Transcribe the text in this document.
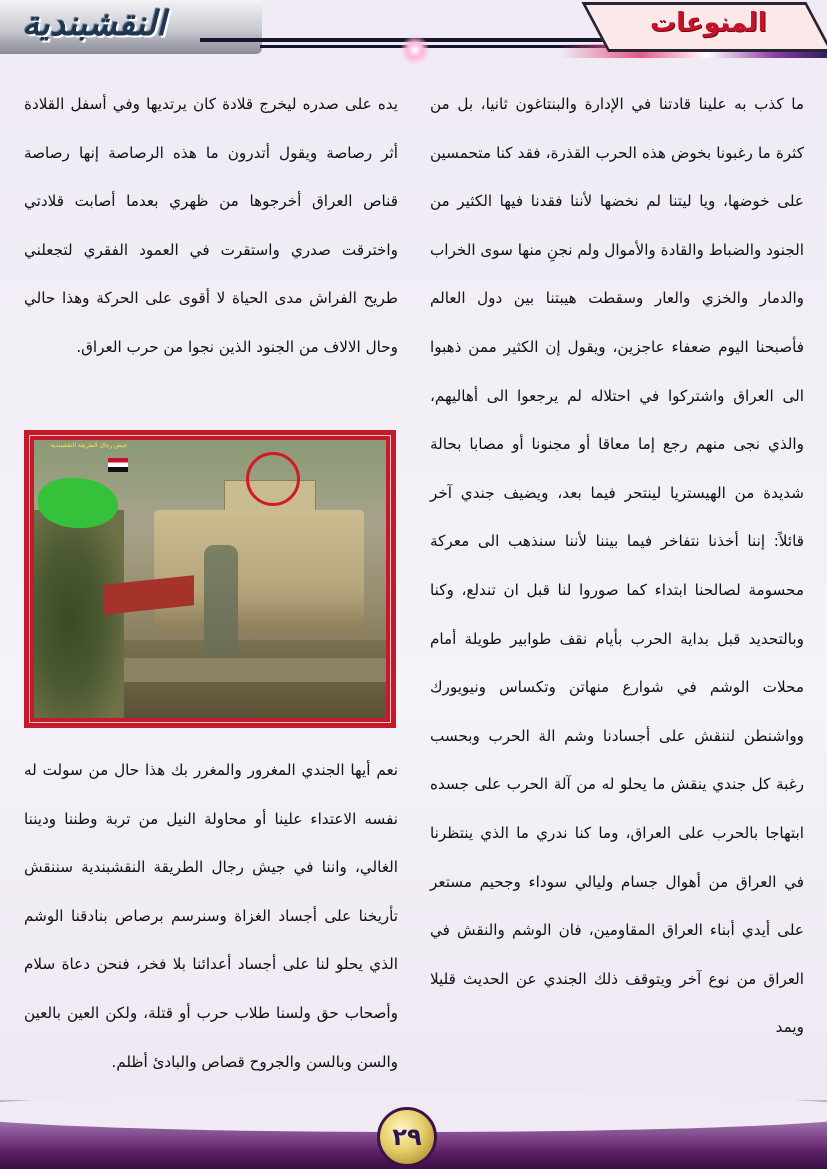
النقشبندية	المنوعات

ما كذب به علينا قادتنا في الإدارة والبنتاغون ثانيا، بل من كثرة ما رغبونا بخوض هذه الحرب القذرة، فقد كنا متحمسين على خوضها، ويا ليتنا لم نخضها لأننا فقدنا فيها الكثير من الجنود والضباط والقادة والأموال ولم نجنِ منها سوى الخراب والدمار والخزي والعار وسقطت هيبتنا بين دول العالم فأصبحنا اليوم ضعفاء عاجزين، ويقول إن الكثير ممن ذهبوا الى العراق واشتركوا في احتلاله لم يرجعوا الى أهاليهم، والذي نجى منهم رجع إما معاقا أو مجنونا أو مصابا بحالة شديدة من الهيستريا لينتحر فيما بعد، ويضيف جندي آخر قائلاً: إننا أخذنا نتفاخر فيما بيننا لأننا سنذهب الى معركة محسومة لصالحنا ابتداء كما صوروا لنا قبل ان تندلع، وكنا وبالتحديد قبل بداية الحرب بأيام نقف طوابير طويلة أمام محلات الوشم في شوارع منهاتن وتكساس ونيويورك وواشنطن لننقش على أجسادنا وشم الة الحرب وبحسب رغبة كل جندي ينقش ما يحلو له من آلة الحرب على جسده ابتهاجا بالحرب على العراق، وما كنا ندري ما الذي ينتظرنا في العراق من أهوال جسام وليالي سوداء وجحيم مستعر على أيدي أبناء العراق المقاومين، فان الوشم والنقش في العراق من نوع آخر ويتوقف ذلك الجندي عن الحديث قليلا ويمد

يده على صدره ليخرج قلادة كان يرتديها وفي أسفل القلادة أثر رصاصة ويقول أتدرون ما هذه الرصاصة إنها رصاصة قناص العراق أخرجوها من ظهري بعدما أصابت قلادتي واخترقت صدري واستقرت في العمود الفقري لتجعلني طريح الفراش مدى الحياة لا أقوى على الحركة وهذا حالي وحال الالاف من الجنود الذين نجوا من حرب العراق.

جيش رجال الطريقة النقشبندية

نعم أيها الجندي المغرور والمغرر بك هذا حال من سولت له نفسه الاعتداء علينا أو محاولة النيل من تربة وطننا وديننا الغالي، واننا في جيش رجال الطريقة النقشبندية سننقش تأريخنا على أجساد الغزاة وسنرسم برصاص بنادقنا الوشم الذي يحلو لنا على أجساد أعدائنا بلا فخر، فنحن دعاة سلام وأصحاب حق ولسنا طلاب حرب أو قتلة، ولكن العين بالعين والسن وبالسن والجروح قصاص والبادئ أظلم.

٢٩
